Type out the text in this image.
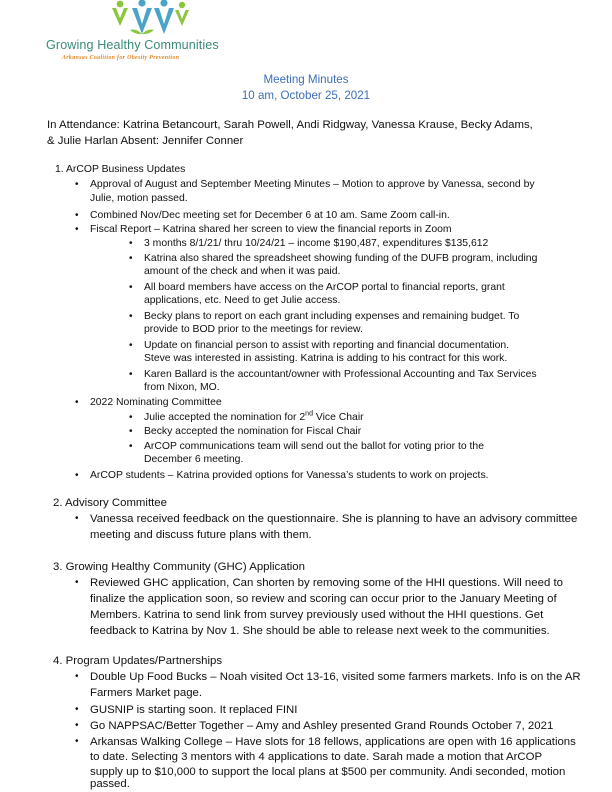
Growing Healthy Communities
Arkansas Coalition for Obesity Prevention
Meeting Minutes
10 am, October 25, 2021
In Attendance: Katrina Betancourt, Sarah Powell, Andi Ridgway, Vanessa Krause, Becky Adams,
& Julie Harlan Absent: Jennifer Conner
1. ArCOP Business Updates
• Approval of August and September Meeting Minutes – Motion to approve by Vanessa, second by
Julie, motion passed.
• Combined Nov/Dec meeting set for December 6 at 10 am. Same Zoom call-in.
• Fiscal Report – Katrina shared her screen to view the financial reports in Zoom
• 3 months 8/1/21/ thru 10/24/21 – income $190,487, expenditures $135,612
• Katrina also shared the spreadsheet showing funding of the DUFB program, including
amount of the check and when it was paid.
• All board members have access on the ArCOP portal to financial reports, grant
applications, etc. Need to get Julie access.
• Becky plans to report on each grant including expenses and remaining budget. To
provide to BOD prior to the meetings for review.
• Update on financial person to assist with reporting and financial documentation.
Steve was interested in assisting. Katrina is adding to his contract for this work.
• Karen Ballard is the accountant/owner with Professional Accounting and Tax Services
from Nixon, MO.
• 2022 Nominating Committee
• Julie accepted the nomination for 2nd Vice Chair
• Becky accepted the nomination for Fiscal Chair
• ArCOP communications team will send out the ballot for voting prior to the
December 6 meeting.
• ArCOP students – Katrina provided options for Vanessa’s students to work on projects.
2. Advisory Committee
• Vanessa received feedback on the questionnaire. She is planning to have an advisory committee
meeting and discuss future plans with them.
3. Growing Healthy Community (GHC) Application
• Reviewed GHC application, Can shorten by removing some of the HHI questions. Will need to
finalize the application soon, so review and scoring can occur prior to the January Meeting of
Members. Katrina to send link from survey previously used without the HHI questions. Get
feedback to Katrina by Nov 1. She should be able to release next week to the communities.
4. Program Updates/Partnerships
• Double Up Food Bucks – Noah visited Oct 13-16, visited some farmers markets. Info is on the AR
Farmers Market page.
• GUSNIP is starting soon. It replaced FINI
• Go NAPPSAC/Better Together – Amy and Ashley presented Grand Rounds October 7, 2021
• Arkansas Walking College – Have slots for 18 fellows, applications are open with 16 applications
to date. Selecting 3 mentors with 4 applications to date. Sarah made a motion that ArCOP
supply up to $10,000 to support the local plans at $500 per community. Andi seconded, motion
passed.
